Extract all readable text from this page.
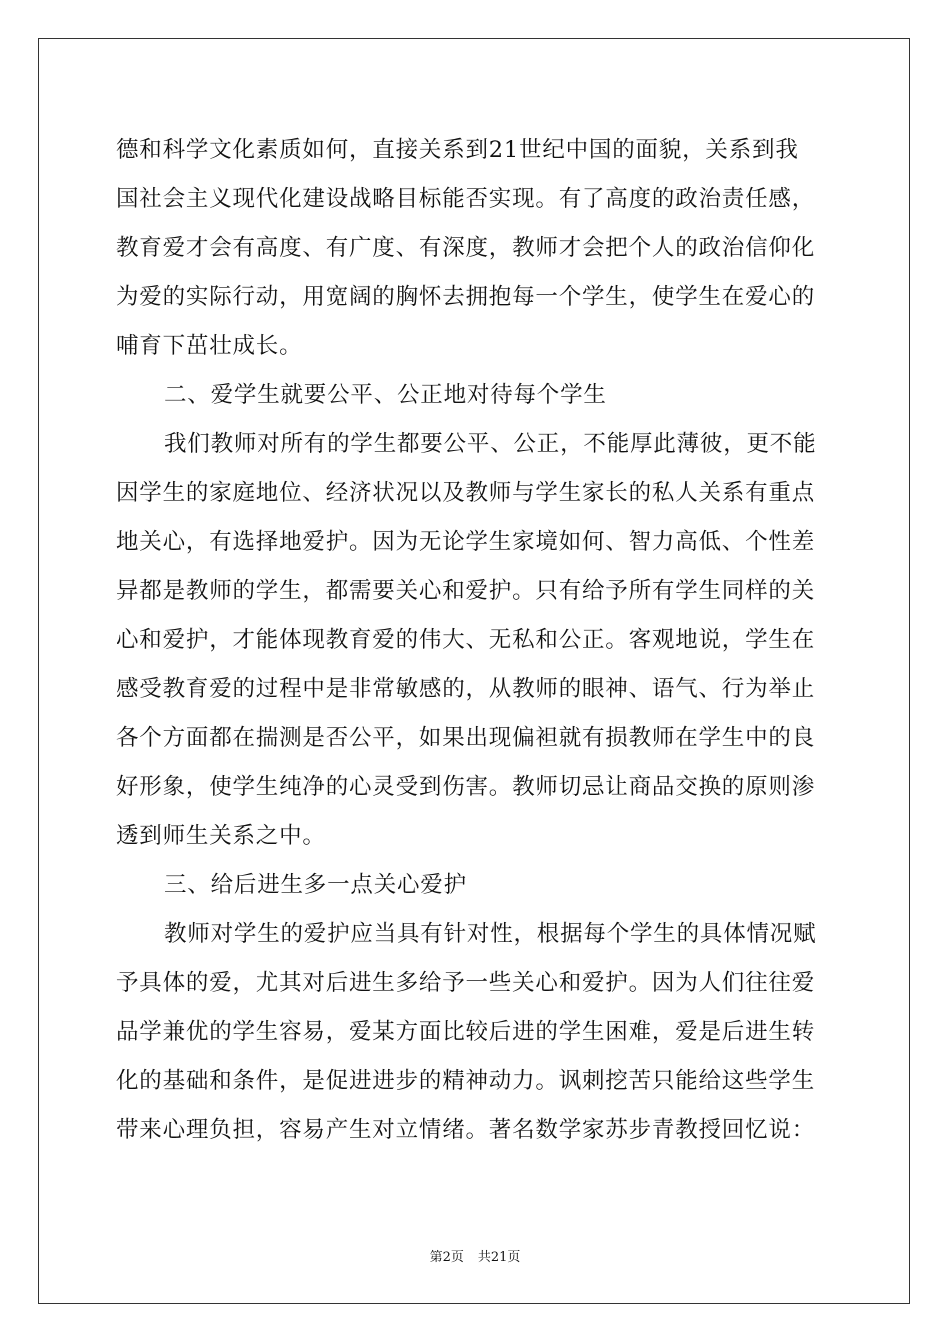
德和科学文化素质如何，直接关系到21世纪中国的面貌，关系到我
国社会主义现代化建设战略目标能否实现。有了高度的政治责任感，
教育爱才会有高度、有广度、有深度，教师才会把个人的政治信仰化
为爱的实际行动，用宽阔的胸怀去拥抱每一个学生，使学生在爱心的
哺育下茁壮成长。
二、爱学生就要公平、公正地对待每个学生
我们教师对所有的学生都要公平、公正，不能厚此薄彼，更不能
因学生的家庭地位、经济状况以及教师与学生家长的私人关系有重点
地关心，有选择地爱护。因为无论学生家境如何、智力高低、个性差
异都是教师的学生，都需要关心和爱护。只有给予所有学生同样的关
心和爱护，才能体现教育爱的伟大、无私和公正。客观地说，学生在
感受教育爱的过程中是非常敏感的，从教师的眼神、语气、行为举止
各个方面都在揣测是否公平，如果出现偏袒就有损教师在学生中的良
好形象，使学生纯净的心灵受到伤害。教师切忌让商品交换的原则渗
透到师生关系之中。
三、给后进生多一点关心爱护
教师对学生的爱护应当具有针对性，根据每个学生的具体情况赋
予具体的爱，尤其对后进生多给予一些关心和爱护。因为人们往往爱
品学兼优的学生容易，爱某方面比较后进的学生困难，爱是后进生转
化的基础和条件，是促进进步的精神动力。讽刺挖苦只能给这些学生
带来心理负担，容易产生对立情绪。著名数学家苏步青教授回忆说：
第2页 共21页
